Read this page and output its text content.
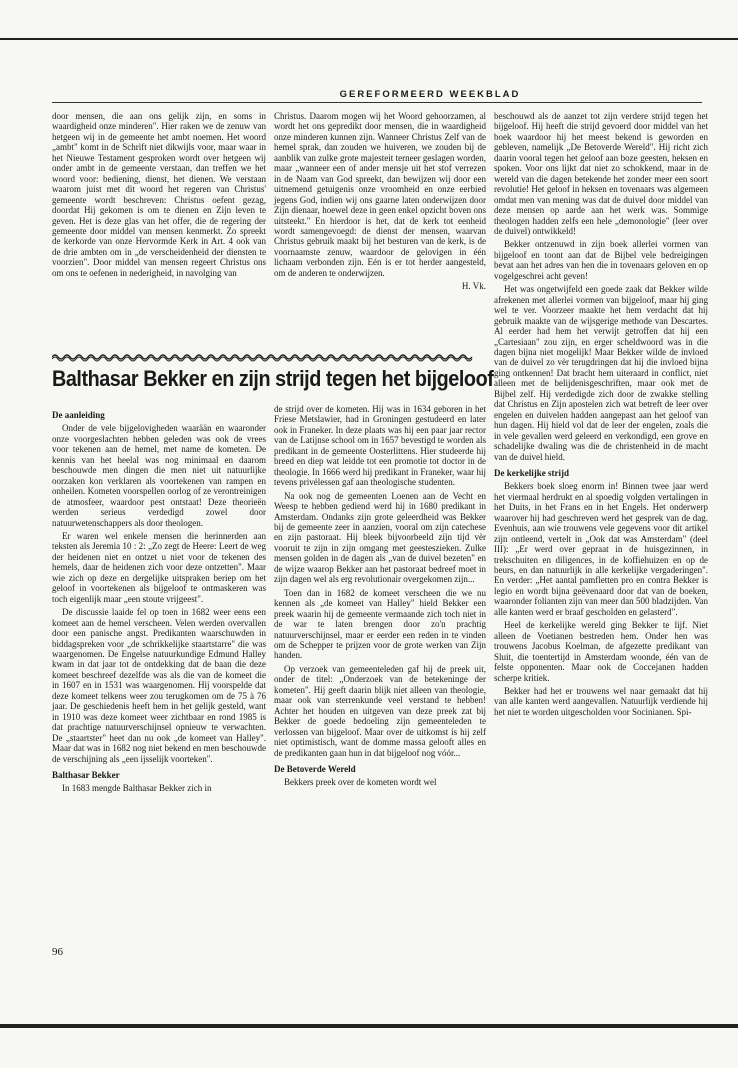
GEREFORMEERD WEEKBLAD

door mensen, die aan ons gelijk zijn, en soms in waardigheid onze minderen". Hier raken we de zenuw van hetgeen wij in de gemeente het ambt noemen. Het woord „ambt" komt in de Schrift niet dikwijls voor, maar waar in het Nieuwe Testament gesproken wordt over hetgeen wij onder ambt in de gemeente verstaan, dan treffen we het woord voor: bediening, dienst, het dienen. We verstaan waarom juist met dit woord het regeren van Christus' gemeente wordt beschreven: Christus oefent gezag, doordat Hij gekomen is om te dienen en Zijn leven te geven. Het is deze glas van het offer, die de regering der gemeente door middel van mensen kenmerkt. Zo spreekt de kerkorde van onze Hervormde Kerk in Art. 4 ook van de drie ambten om in „de verscheidenheid der diensten te voorzien". Door middel van mensen regeert Christus ons om ons te oefenen in nederigheid, in navolging van

Christus. Daarom mogen wij het Woord gehoorzamen, al wordt het ons gepredikt door mensen, die in waardigheid onze minderen kunnen zijn. Wanneer Christus Zelf van de hemel sprak, dan zouden we huiveren, we zouden bij de aanblik van zulke grote majesteit terneer geslagen worden, maar „wanneer een of ander mensje uit het stof verrezen in de Naam van God spreekt, dan bewijzen wij door een uitnemend getuigenis onze vroomheid en onze eerbied jegens God, indien wij ons gaarne laten onderwijzen door Zijn dienaar, hoewel deze in geen enkel opzicht boven ons uitsteekt." En hierdoor is het, dat de kerk tot eenheid wordt samengevoegd: de dienst der mensen, waarvan Christus gebruik maakt bij het besturen van de kerk, is de voornaamste zenuw, waardoor de gelovigen in één lichaam verbonden zijn. Eén is er tot herder aangesteld, om de anderen te onderwijzen.

H. Vk.

Balthasar Bekker en zijn strijd tegen het bijgeloof
De aanleiding

Onder de vele bijgelovigheden waarään en waaronder onze voorgeslachten hebben geleden was ook de vrees voor tekenen aan de hemel, met name de kometen. De kennis van het heelal was nog minimaal en daarom beschouwde men dingen die men niet uit natuurlijke oorzaken kon verklaren als voortekenen van rampen en onheilen. Kometen voorspellen oorlog of ze verontreinigen de atmosfeer, waardoor pest ontstaat! Deze theorieën werden serieus verdedigd zowel door natuurwetenschappers als door theologen.

Er waren wel enkele mensen die herinnerden aan teksten als Jeremia 10 : 2: „Zo zegt de Heere: Leert de weg der heidenen niet en ontzet u niet voor de tekenen des hemels, daar de heidenen zich voor deze ontzetten". Maar wie zich op deze en dergelijke uitspraken beriep om het geloof in voortekenen als bijgeloof te ontmaskeren was toch eigenlijk maar „een stoute vrijgeest".

De discussie laaide fel op toen in 1682 weer eens een komeet aan de hemel verscheen. Velen werden overvallen door een panische angst. Predikanten waarschuwden in biddagspreken voor „de schrikkelijke staartstarre" die was waargenomen. De Engelse natuurkundige Edmund Halley kwam in dat jaar tot de ontdekking dat de baan die deze komeet beschreef dezelfde was als die van de komeet die in 1607 en in 1531 was waargenomen. Hij voorspelde dat deze komeet telkens weer zou terugkomen om de 75 à 76 jaar. De geschiedenis heeft hem in het gelijk gesteld, want in 1910 was deze komeet weer zichtbaar en rond 1985 is dat prachtige natuurverschijnsel opnieuw te verwachten. De „staartster" heet dan nu ook „de komeet van Halley". Maar dat was in 1682 nog niet bekend en men beschouwde de verschijning als „een ijsselijk voorteken".

Balthasar Bekker

In 1683 mengde Balthasar Bekker zich in

de strijd over de kometen. Hij was in 1634 geboren in het Friese Metslawier, had in Groningen gestudeerd en later ook in Franeker. In deze plaats was hij een paar jaar rector van de Latijnse school om in 1657 bevestigd te worden als predikant in de gemeente Oosterlittens. Hier studeerde hij breed en diep wat leidde tot een promotie tot doctor in de theologie. In 1666 werd hij predikant in Franeker, waar hij tevens privélessen gaf aan theologische studenten.

Na ook nog de gemeenten Loenen aan de Vecht en Weesp te hebben gediend werd hij in 1680 predikant in Amsterdam. Ondanks zijn grote geleerdheid was Bekker bij de gemeente zeer in aanzien, vooral om zijn catechese en zijn pastoraat. Hij bleek bijvoorbeeld zijn tijd vèr vooruit te zijn in zijn omgang met geesteszieken. Zulke mensen golden in de dagen als „van de duivel bezeten" en de wijze waarop Bekker aan het pastoraat bedreef moet in zijn dagen wel als erg revolutionair overgekomen zijn...

Toen dan in 1682 de komeet verscheen die we nu kennen als „de komeet van Halley" hield Bekker een preek waarin hij de gemeente vermaande zich toch niet in de war te laten brengen door zo'n prachtig natuurverschijnsel, maar er eerder een reden in te vinden om de Schepper te prijzen voor de grote werken van Zijn handen.

Op verzoek van gemeenteleden gaf hij de preek uit, onder de titel: „Onderzoek van de betekeninge der kometen". Hij geeft daarin blijk niet alleen van theologie, maar ook van sterrenkunde veel verstand te hebben! Achter het houden en uitgeven van deze preek zat bij Bekker de goede bedoeling zijn gemeenteleden te verlossen van bijgeloof. Maar over de uitkomst is hij zelf niet optimistisch, want de domme massa gelooft alles en de predikanten gaan hun in dat bijgeloof nog vóór...

De Betoverde Wereld

Bekkers preek over de kometen wordt wel

beschouwd als de aanzet tot zijn verdere strijd tegen het bijgeloof. Hij heeft die strijd gevoerd door middel van het boek waardoor hij het meest bekend is geworden en gebleven, namelijk „De Betoverde Wereld". Hij richt zich daarin vooral tegen het geloof aan boze geesten, heksen en spoken. Voor ons lijkt dat niet zo schokkend, maar in de wereld van die dagen betekende het zonder meer een soort revolutie! Het geloof in heksen en tovenaars was algemeen omdat men van mening was dat de duivel door middel van deze mensen op aarde aan het werk was. Sommige theologen hadden zelfs een hele „demonologie" (leer over de duivel) ontwikkeld!

Bekker ontzenuwd in zijn boek allerlei vormen van bijgeloof en toont aan dat de Bijbel vele bedreigingen bevat aan het adres van hen die in tovenaars geloven en op vogelgeschrei acht geven!

Het was ongetwijfeld een goede zaak dat Bekker wilde afrekenen met allerlei vormen van bijgeloof, maar hij ging wel te ver. Voorzeer maakte het hem verdacht dat hij gebruik maakte van de wijsgerige methode van Descartes. Al eerder had hem het verwijt getroffen dat hij een „Cartesiaan" zou zijn, en erger scheldwoord was in die dagen bijna niet mogelijk! Maar Bekker wilde de invloed van de duivel zo vèr terugdringen dat hij die invloed bijna ging ontkennen! Dat bracht hem uiteraard in conflict, niet alleen met de belijdenisgeschriften, maar ook met de Bijbel zelf. Hij verdedigde zich door de zwakke stelling dat Christus en Zijn apostelen zich wat betreft de leer over engelen en duivelen hadden aangepast aan het geloof van hun dagen. Hij hield vol dat de leer der engelen, zoals die in vele gevallen werd geleerd en verkondigd, een grove en schadelijke dwaling was die de christenheid in de macht van de duivel hield.

De kerkelijke strijd

Bekkers boek sloeg enorm in! Binnen twee jaar werd het viermaal herdrukt en al spoedig volgden vertalingen in het Duits, in het Frans en in het Engels. Het onderwerp waarover hij had geschreven werd het gesprek van de dag. Evenhuis, aan wie trouwens vele gegevens voor dit artikel zijn ontleend, vertelt in „Ook dat was Amsterdam" (deel III): „Er werd over gepraat in de huisgezinnen, in trekschuiten en diligences, in de koffiehuizen en op de beurs, en dan natuurlijk in alle kerkelijke vergaderingen". En verder: „Het aantal pamfletten pro en contra Bekker is legio en wordt bijna geëvenaard door dat van de boeken, waaronder folianten zijn van meer dan 500 bladzijden. Van alle kanten werd er braaf gescholden en gelasterd".

Heel de kerkelijke wereld ging Bekker te lijf. Niet alleen de Voetianen bestreden hem. Onder hen was trouwens Jacobus Koelman, de afgezette predikant van Sluit, die toentertijd in Amsterdam woonde, één van de felste opponenten. Maar ook de Coccejanen hadden scherpe kritiek.

Bekker had het er trouwens wel naar gemaakt dat hij van alle kanten werd aangevallen. Natuurlijk verdiende hij het niet te worden uitgescholden voor Socinianen. Spi-

96
